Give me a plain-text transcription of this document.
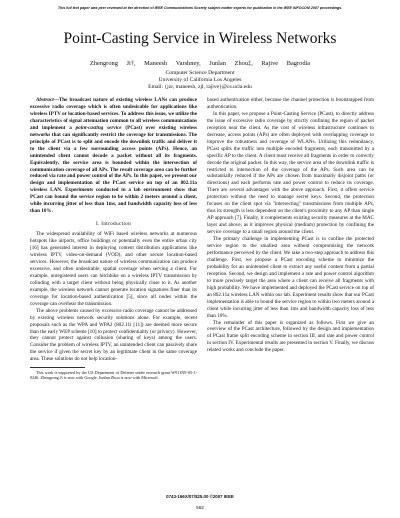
This full text paper was peer reviewed at the direction of IEEE Communications Society subject matter experts for publication in the IEEE INFOCOM 2007 proceedings.
Point-Casting Service in Wireless Networks
Zhengrong Ji†, Maneesh Varshney, Junlan Zhou‡, Rajive Bagrodia
Computer Science Department
University of California Los Angeles
Email: {jzr, maneesh, zjl, rajive}@cs.ucla.edu

Abstract—The broadcast nature of existing wireless LANs can produce excessive radio coverage which is often undesirable for applications like wireless IPTV or location-based services. To address this issue, we utilize the characteristics of signal attenuation common to all wireless communications and implement a point-casting service (PCast) over existing wireless networks that can significantly restrict the coverage for transmissions. The principle of PCast is to split and encode the downlink traffic and deliver it to the client via a few surrounding access points (APs). Hence, an unintended client cannot decode a packet without all its fragments. Equivalently, the service area is bounded within the intersection of communication coverage of all APs. The result coverage area can be further reduced via rate and power control of the APs. In this paper, we present our design and implementation of the PCast service on top of an 802.11a wireless LAN. Experiments conducted in a lab environment show that PCast can bound the service region to be within 2 meters around a client, while incurring jitter of less than 1ms, and bandwidth capacity loss of less than 10%.

I. Introduction

The widespread availability of WiFi based wireless networks at numerous hotspots like airports, office buildings or potentially even the entire urban city [16] has generated interest in deploying content distribution applications like wireless IPTV, video-on-demand (VOD), and other secure location-based services. However, the broadcast nature of wireless communication can produce excessive, and often undesirable, spatial coverage when serving a client. For example, unregistered users can hitchhike on a wireless IPTV transmission by colluding with a target client without being physically close to it. As another example, the wireless network cannot generate location signatures finer than its coverage for location-based authentication [5], since all nodes within the coverage can overhear the transmission.

The above problems caused by excessive radio coverage cannot be addressed by existing wireless network security solutions alone. For example, recent proposals such as the WPA and WPA2 (802.11i [11]) are deemed more secure than the early WEP scheme [10] to protect confidentiality (or privacy). However, they cannot protect against collusion (sharing of keys) among the users. Consider the problem of wireless IPTV, an unintended client can passively share the service if given the secret key by an legitimate client in the same coverage area. These solutions do not help location-

This work is supported by the US Department of Defense under research grant W911NF-05-1-0246. Zhengrong Ji is now with Google. Junlan Zhou is now with Microsoft.

based authentication either, because the channel protection is bootstrapped from authentication.

In this paper, we propose a Point-Casting Service (PCast), to directly address the issue of excessive radio coverage by strictly confining the region of packet reception near the client. As the cost of wireless infrastructure continues to decrease, access points (APs) are often deployed with overlapping coverage to improve the robustness and coverage of WLANs. Utilizing this redundancy, PCast splits the traffic into multiple encoded fragments, each transmitted by a specific AP to the client. A client must receive all fragments in order to correctly decode the original packet. In this way, the service area of the downlink traffic is restricted to intersection of the coverage of the APs. Such area can be substantially reduced if the APs are chosen from maximally disjoint paths (or directions) and each performs rate and power control to reduce its coverage. There are several advantages with the above approach. First, it offers service protection without the need to manage secret keys. Second, the protection focuses on the client spot via "intersecting" transmissions from multiple APs, thus its strength is less dependent on the client's proximity to any AP than single AP approach [7]. Finally, it complements existing security measures at the MAC layer and above, as it improves physical (medium) protection by confining the service coverage to a small region around the client.

The primary challenge in implementing PCast is to confine the protected service region to the smallest area without compromising the network performance perceived by the client. We take a two-step approach to address this challenge. First, we propose a PCast encoding scheme to minimize the probability for an unintended client to extract any useful content from a partial reception. Second, we design and implement a rate and power control algorithm to more precisely target the area where a client can receive all fragments with high probability. We have implemented and deployed the PCast service on top of an 802.11a wireless LAN within our lab. Experiment results show that our PCast implementation is able to bound the service region to within two meters around a client while incurring jitter of less than 1ms and bandwidth capacity loss of less than 10%.

The remainder of this paper is organized as follows. First we give an overview of the PCast architecture, followed by the design and implementation of PCast frame split encoding scheme in section III, and rate and power control in section IV. Experimental results are presented in section V. Finally, we discuss related works and conclude the paper.

0743-166X/07/$25.00 ©2007 IEEE
562
